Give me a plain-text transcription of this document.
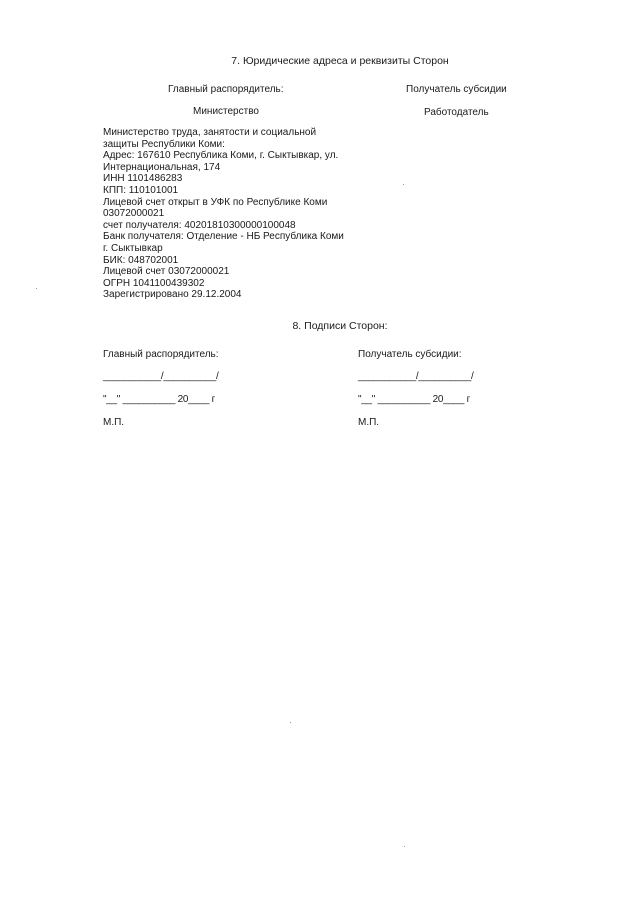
7. Юридические адреса и реквизиты Сторон
Главный распорядитель:	Получатель субсидии
Министерство	Работодатель
Министерство труда, занятости и социальной
защиты Республики Коми:
Адрес: 167610 Республика Коми, г. Сыктывкар, ул.
Интернациональная, 174
ИНН 1101486283
КПП: 110101001
Лицевой счет открыт в УФК по Республике Коми
03072000021
счет получателя: 40201810300000100048
Банк получателя: Отделение - НБ Республика Коми
г. Сыктывкар
БИК: 048702001
Лицевой счет 03072000021
ОГРН 1041100439302
Зарегистрировано 29.12.2004
8. Подписи Сторон:
Главный распорядитель:	Получатель субсидии:
___________/__________/	___________/__________/
"__" __________ 20____ г	"__" __________ 20____ г
М.П.	М.П.
